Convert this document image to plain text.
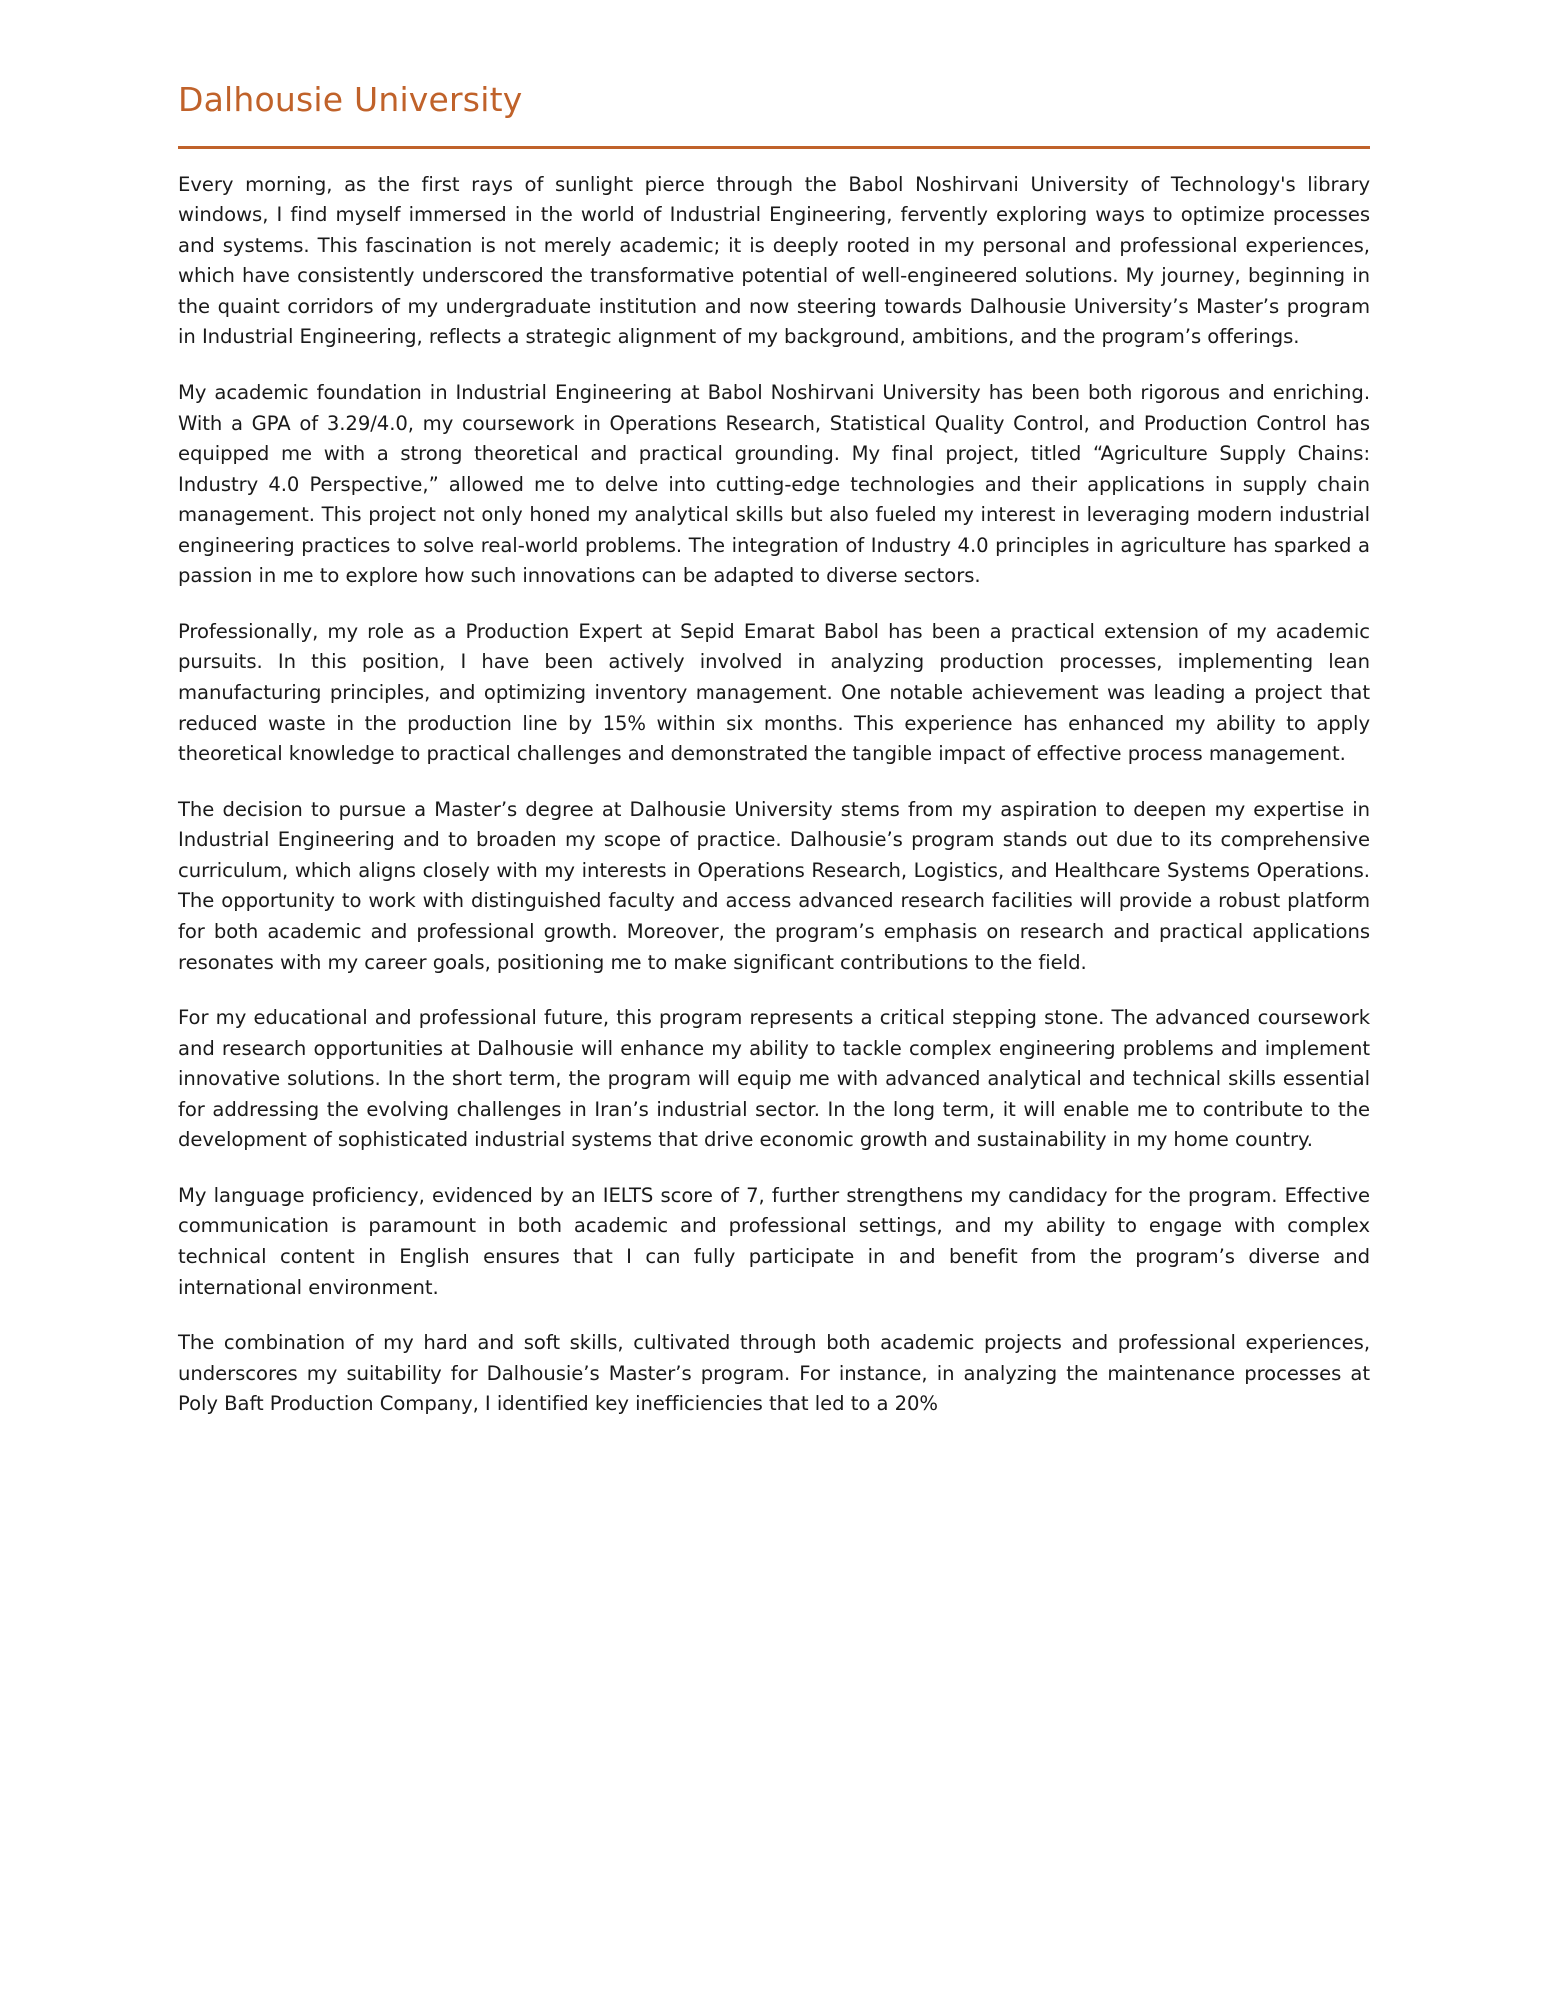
Dalhousie University

Every morning, as the first rays of sunlight pierce through the Babol Noshirvani University of Technology's library windows, I find myself immersed in the world of Industrial Engineering, fervently exploring ways to optimize processes and systems. This fascination is not merely academic; it is deeply rooted in my personal and professional experiences, which have consistently underscored the transformative potential of well-engineered solutions. My journey, beginning in the quaint corridors of my undergraduate institution and now steering towards Dalhousie University’s Master’s program in Industrial Engineering, reflects a strategic alignment of my background, ambitions, and the program’s offerings.

My academic foundation in Industrial Engineering at Babol Noshirvani University has been both rigorous and enriching. With a GPA of 3.29/4.0, my coursework in Operations Research, Statistical Quality Control, and Production Control has equipped me with a strong theoretical and practical grounding. My final project, titled “Agriculture Supply Chains: Industry 4.0 Perspective,” allowed me to delve into cutting-edge technologies and their applications in supply chain management. This project not only honed my analytical skills but also fueled my interest in leveraging modern industrial engineering practices to solve real-world problems. The integration of Industry 4.0 principles in agriculture has sparked a passion in me to explore how such innovations can be adapted to diverse sectors.

Professionally, my role as a Production Expert at Sepid Emarat Babol has been a practical extension of my academic pursuits. In this position, I have been actively involved in analyzing production processes, implementing lean manufacturing principles, and optimizing inventory management. One notable achievement was leading a project that reduced waste in the production line by 15% within six months. This experience has enhanced my ability to apply theoretical knowledge to practical challenges and demonstrated the tangible impact of effective process management.

The decision to pursue a Master’s degree at Dalhousie University stems from my aspiration to deepen my expertise in Industrial Engineering and to broaden my scope of practice. Dalhousie’s program stands out due to its comprehensive curriculum, which aligns closely with my interests in Operations Research, Logistics, and Healthcare Systems Operations. The opportunity to work with distinguished faculty and access advanced research facilities will provide a robust platform for both academic and professional growth. Moreover, the program’s emphasis on research and practical applications resonates with my career goals, positioning me to make significant contributions to the field.

For my educational and professional future, this program represents a critical stepping stone. The advanced coursework and research opportunities at Dalhousie will enhance my ability to tackle complex engineering problems and implement innovative solutions. In the short term, the program will equip me with advanced analytical and technical skills essential for addressing the evolving challenges in Iran’s industrial sector. In the long term, it will enable me to contribute to the development of sophisticated industrial systems that drive economic growth and sustainability in my home country.

My language proficiency, evidenced by an IELTS score of 7, further strengthens my candidacy for the program. Effective communication is paramount in both academic and professional settings, and my ability to engage with complex technical content in English ensures that I can fully participate in and benefit from the program’s diverse and international environment.

The combination of my hard and soft skills, cultivated through both academic projects and professional experiences, underscores my suitability for Dalhousie’s Master’s program. For instance, in analyzing the maintenance processes at Poly Baft Production Company, I identified key inefficiencies that led to a 20%
